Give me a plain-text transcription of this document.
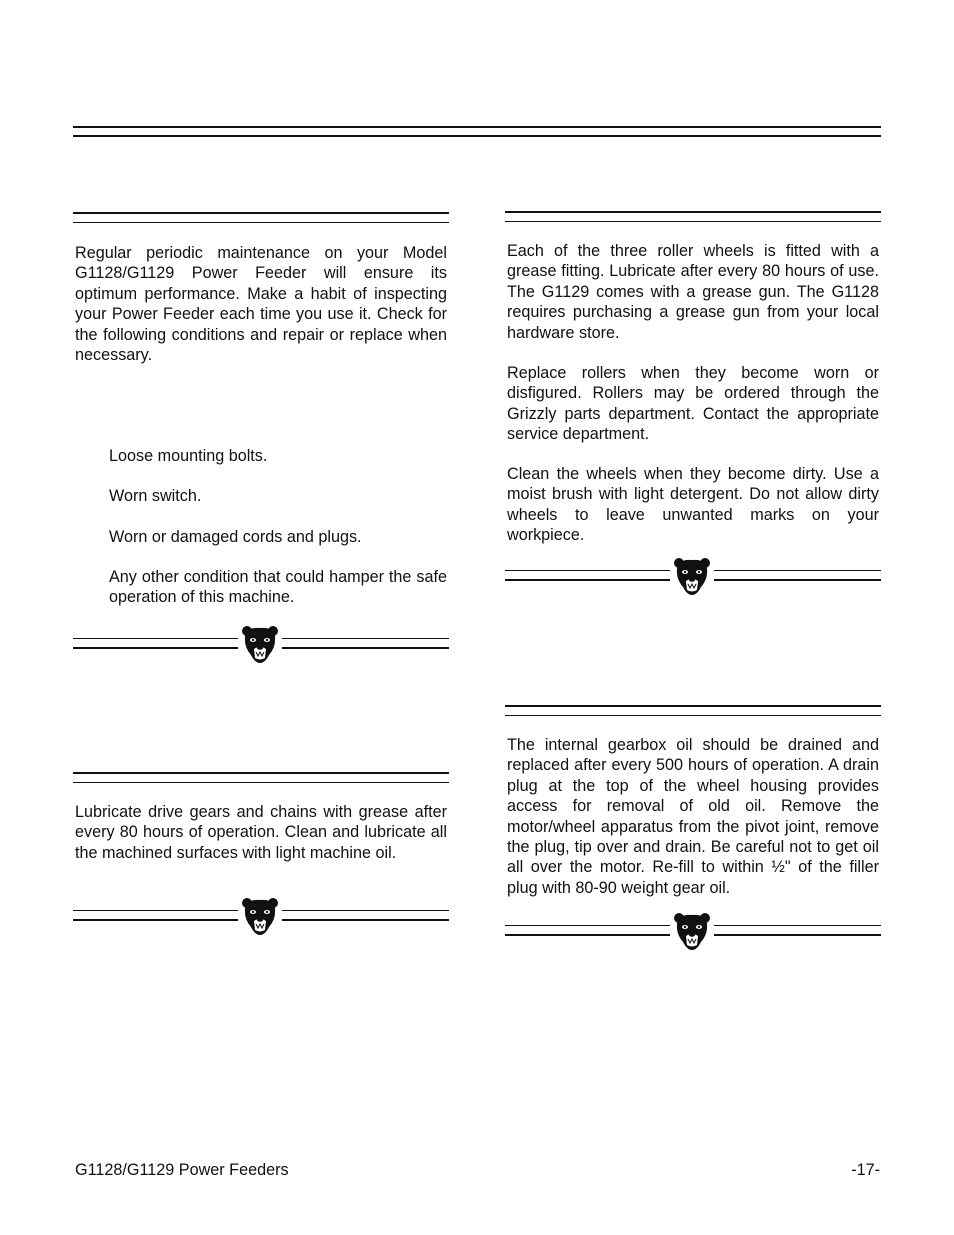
Regular periodic maintenance on your Model G1128/G1129 Power Feeder will ensure its optimum performance. Make a habit of inspecting your Power Feeder each time you use it. Check for the following conditions and repair or replace when necessary.

Loose mounting bolts.

Worn switch.

Worn or damaged cords and plugs.

Any other condition that could hamper the safe operation of this machine.

Lubricate drive gears and chains with grease after every 80 hours of operation. Clean and lubricate all the machined surfaces with light machine oil.

Each of the three roller wheels is fitted with a grease fitting. Lubricate after every 80 hours of use. The G1129 comes with a grease gun. The G1128 requires purchasing a grease gun from your local hardware store.

Replace rollers when they become worn or disfigured. Rollers may be ordered through the Grizzly parts department. Contact the appropriate service department.

Clean the wheels when they become dirty. Use a moist brush with light detergent. Do not allow dirty wheels to leave unwanted marks on your workpiece.

The internal gearbox oil should be drained and replaced after every 500 hours of operation. A drain plug at the top of the wheel housing provides access for removal of old oil. Remove the motor/wheel apparatus from the pivot joint, remove the plug, tip over and drain. Be careful not to get oil all over the motor. Re-fill to within ½" of the filler plug with 80-90 weight gear oil.

G1128/G1129 Power Feeders	-17-
